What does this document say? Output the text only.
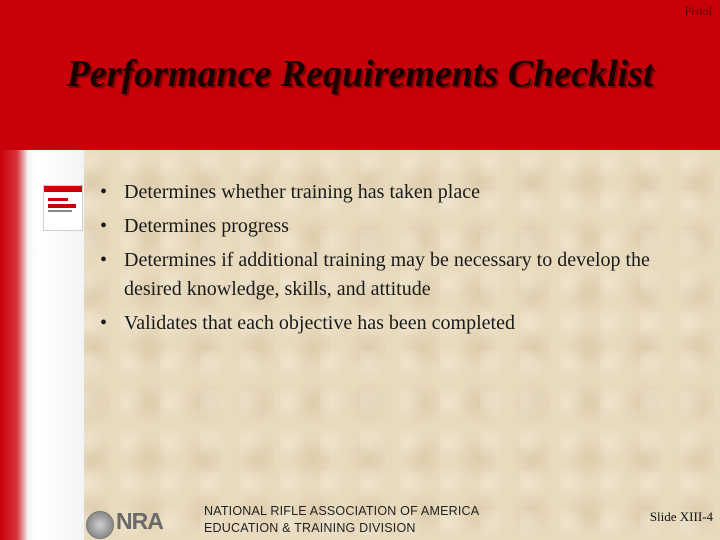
Pistol
Performance Requirements Checklist
• Determines whether training has taken place
• Determines progress
• Determines if additional training may be necessary to develop the desired knowledge, skills, and attitude
• Validates that each objective has been completed
NRA	NATIONAL RIFLE ASSOCIATION OF AMERICA
EDUCATION & TRAINING DIVISION
Slide XIII-4
